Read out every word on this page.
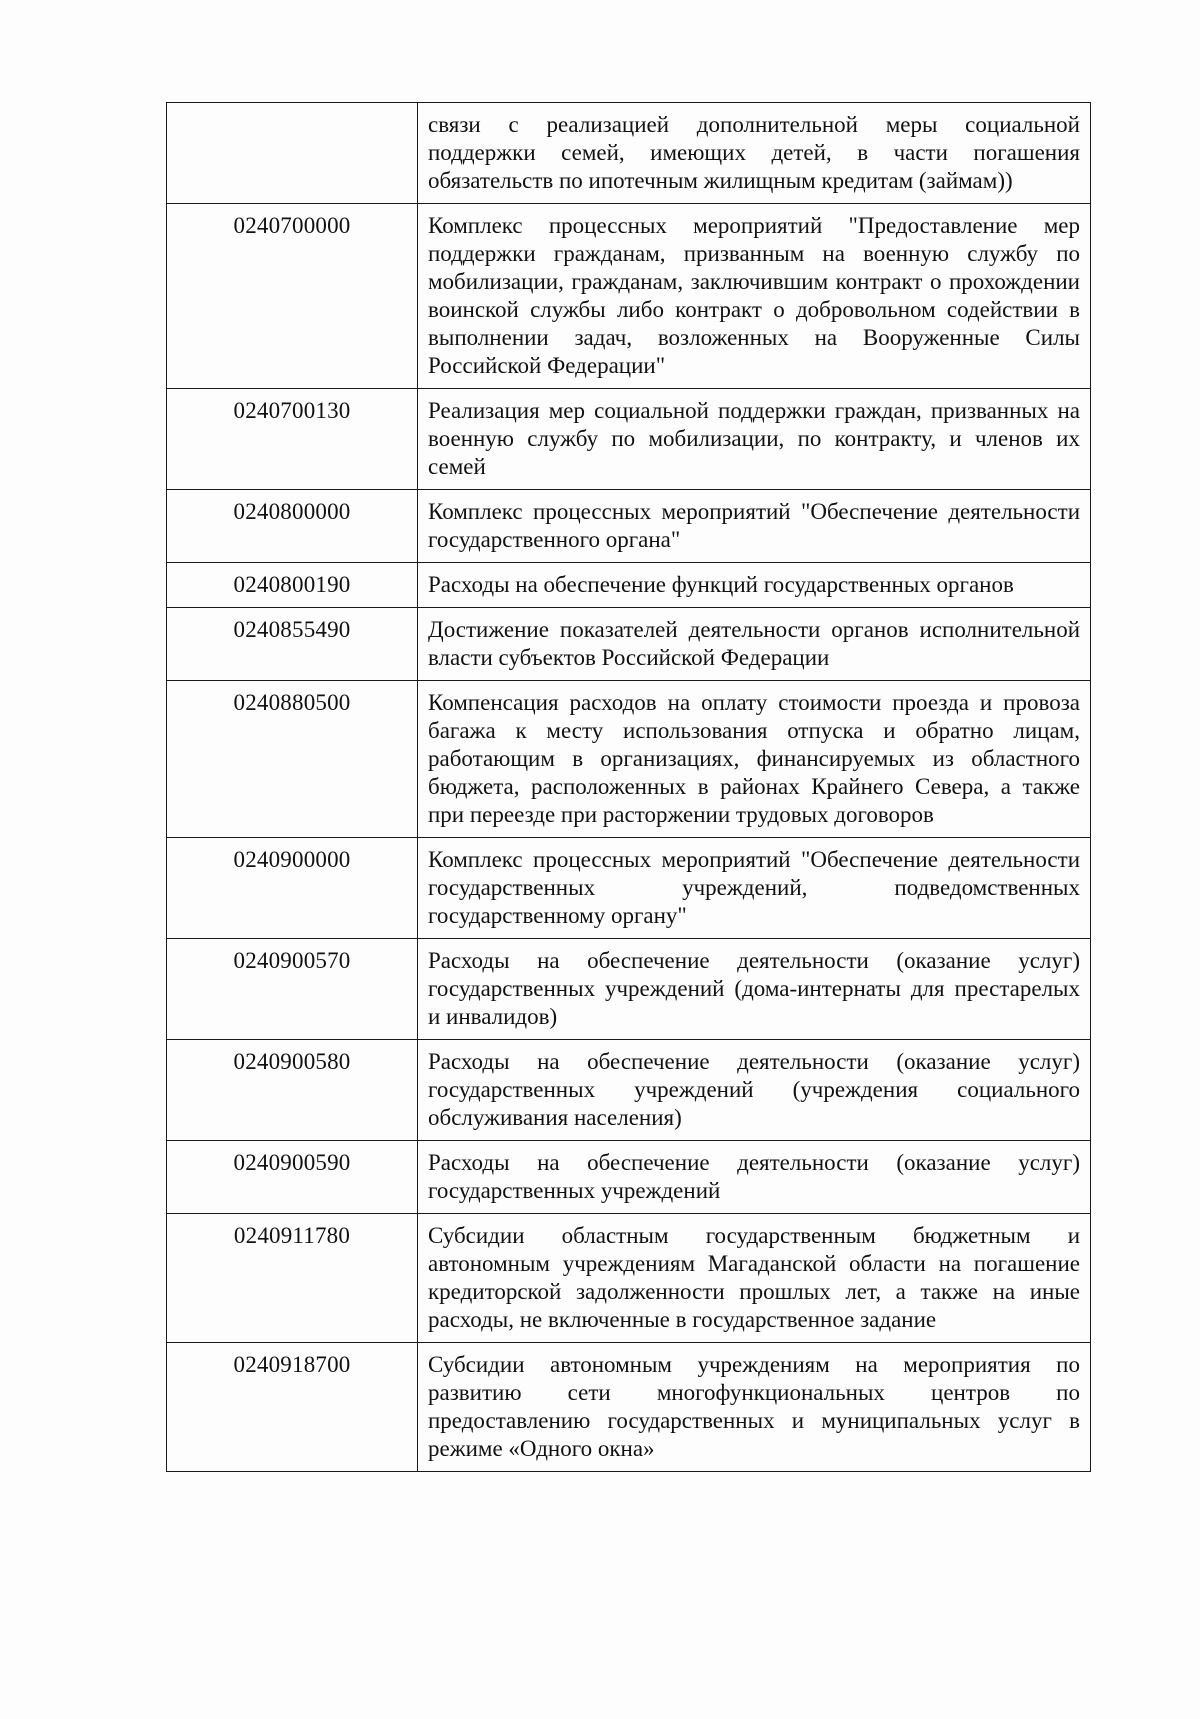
	связи с реализацией дополнительной меры социальной поддержки семей, имеющих детей, в части погашения обязательств по ипотечным жилищным кредитам (займам))
0240700000	Комплекс процессных мероприятий "Предоставление мер поддержки гражданам, призванным на военную службу по мобилизации, гражданам, заключившим контракт о прохождении воинской службы либо контракт о добровольном содействии в выполнении задач, возложенных на Вооруженные Силы Российской Федерации"
0240700130	Реализация мер социальной поддержки граждан, призванных на военную службу по мобилизации, по контракту, и членов их семей
0240800000	Комплекс процессных мероприятий "Обеспечение деятельности государственного органа"
0240800190	Расходы на обеспечение функций государственных органов
0240855490	Достижение показателей деятельности органов исполнительной власти субъектов Российской Федерации
0240880500	Компенсация расходов на оплату стоимости проезда и провоза багажа к месту использования отпуска и обратно лицам, работающим в организациях, финансируемых из областного бюджета, расположенных в районах Крайнего Севера, а также при переезде при расторжении трудовых договоров
0240900000	Комплекс процессных мероприятий "Обеспечение деятельности государственных учреждений, подведомственных государственному органу"
0240900570	Расходы на обеспечение деятельности (оказание услуг) государственных учреждений (дома-интернаты для престарелых и инвалидов)
0240900580	Расходы на обеспечение деятельности (оказание услуг) государственных учреждений (учреждения социального обслуживания населения)
0240900590	Расходы на обеспечение деятельности (оказание услуг) государственных учреждений
0240911780	Субсидии областным государственным бюджетным и автономным учреждениям Магаданской области на погашение кредиторской задолженности прошлых лет, а также на иные расходы, не включенные в государственное задание
0240918700	Субсидии автономным учреждениям на мероприятия по развитию сети многофункциональных центров по предоставлению государственных и муниципальных услуг в режиме «Одного окна»
